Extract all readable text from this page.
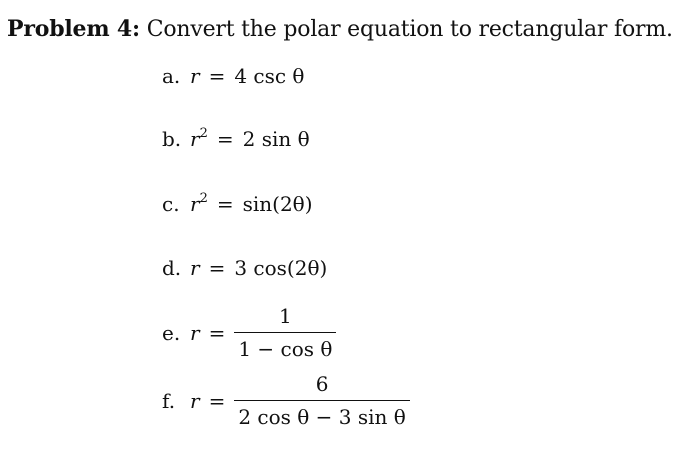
Problem 4: Convert the polar equation to rectangular form.
a. r = 4 csc θ
b. $r^2 = 2$ sin θ
c. $r^2 = \sin(2\theta)$
d. r = 3 cos(2θ)
e. $r = \frac{1}{\text{1 − cos θ}}$
f. $r = \frac{6}{\text{2 cos θ − 3 sin θ}}$
